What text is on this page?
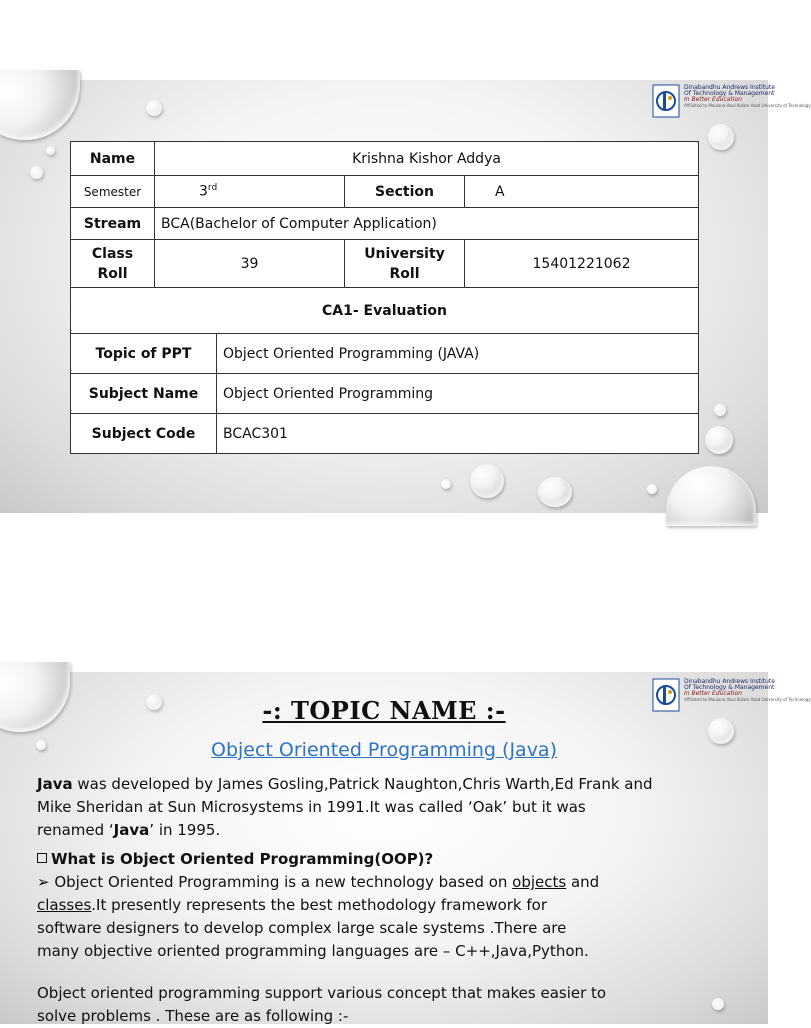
Dinabandhu Andrews Institute
Of Technology & Management
In Better Education
Affiliated to Maulana Abul Kalam Azad University of Technology
Name	Krishna Kishor Addya			
Semester	3rd		Section	A
Stream	BCA(Bachelor of Computer Application)			
Class Roll	39		University Roll	15401221062
CA1- Evaluation				
Topic of PPT		Object Oriented Programming (JAVA)		
Subject Name		Object Oriented Programming		
Subject Code		BCAC301		
Dinabandhu Andrews Institute
Of Technology & Management
In Better Education
Affiliated to Maulana Abul Kalam Azad University of Technology
-: TOPIC NAME :-
Object Oriented Programming (Java)
Java was developed by James Gosling,Patrick Naughton,Chris Warth,Ed Frank and
Mike Sheridan at Sun Microsystems in 1991.It was called ‘Oak’ but it was
renamed ‘Java’ in 1995.
What is Object Oriented Programming(OOP)?
➢ Object Oriented Programming is a new technology based on objects and
classes.It presently represents the best methodology framework for
software designers to develop complex large scale systems .There are
many objective oriented programming languages are – C++,Java,Python.
Object oriented programming support various concept that makes easier to
solve problems . These are as following :-
